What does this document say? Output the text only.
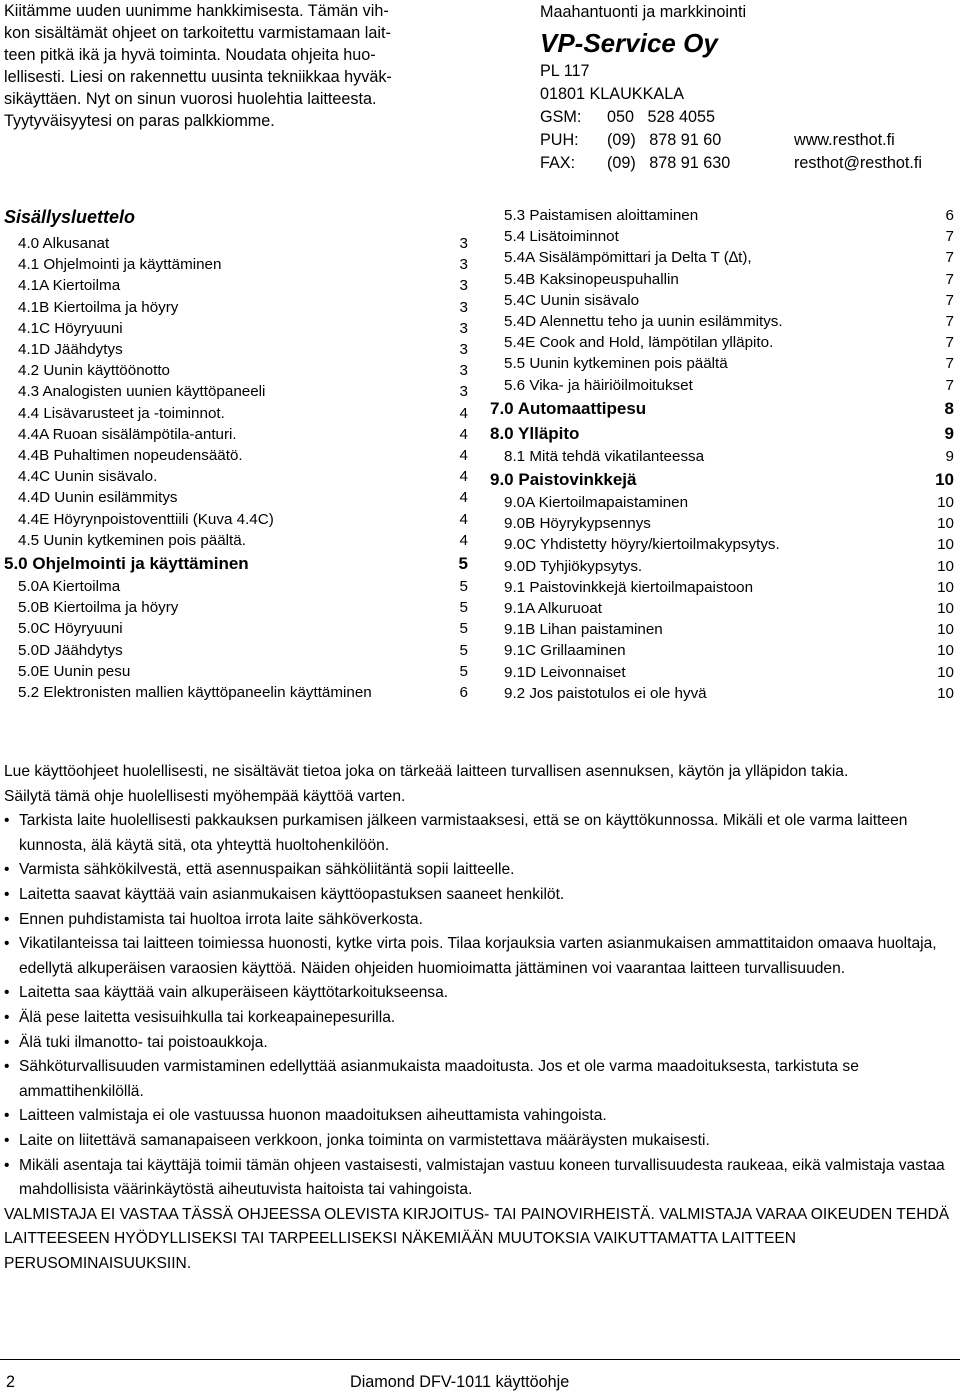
Kiitämme uuden uunimme hankkimisesta. Tämän vih-
kon sisältämät ohjeet on tarkoitettu varmistamaan lait-
teen pitkä ikä ja hyvä toiminta. Noudata ohjeita huo-
lellisesti. Liesi on rakennettu uusinta tekniikkaa hyväk-
sikäyttäen. Nyt on sinun vuorosi huolehtia laitteesta.
Tyytyväisyytesi on paras palkkiomme.
Maahantuonti ja markkinointi
VP-Service Oy
PL 117
01801 KLAUKKALA
GSM: 050   528 4055
PUH: (09)   878 91 60	www.resthot.fi
FAX: (09)   878 91 630	resthot@resthot.fi
Sisällysluettelo
4.0 Alkusanat	3
4.1 Ohjelmointi ja käyttäminen	3
4.1A Kiertoilma	3
4.1B Kiertoilma ja höyry	3
4.1C Höyryuuni	3
4.1D Jäähdytys	3
4.2 Uunin käyttöönotto	3
4.3 Analogisten uunien käyttöpaneeli	3
4.4 Lisävarusteet ja -toiminnot.	4
4.4A Ruoan sisälämpötila-anturi.	4
4.4B Puhaltimen nopeudensäätö.	4
4.4C Uunin sisävalo.	4
4.4D Uunin esilämmitys	4
4.4E Höyrynpoistoventtiili (Kuva 4.4C)	4
4.5 Uunin kytkeminen pois päältä.	4
5.0 Ohjelmointi ja käyttäminen	5
5.0A Kiertoilma	5
5.0B Kiertoilma ja höyry	5
5.0C Höyryuuni	5
5.0D Jäähdytys	5
5.0E Uunin pesu	5
5.2 Elektronisten mallien käyttöpaneelin käyttäminen	6
5.3 Paistamisen aloittaminen	6
5.4 Lisätoiminnot	7
5.4A Sisälämpömittari ja Delta T (∆t),	7
5.4B Kaksinopeuspuhallin	7
5.4C Uunin sisävalo	7
5.4D Alennettu teho ja uunin esilämmitys.	7
5.4E Cook and Hold, lämpötilan ylläpito.	7
5.5 Uunin kytkeminen pois päältä	7
5.6 Vika- ja häiriöilmoitukset	7
7.0 Automaattipesu	8
8.0 Ylläpito	9
8.1 Mitä tehdä vikatilanteessa	9
9.0 Paistovinkkejä	10
9.0A Kiertoilmapaistaminen	10
9.0B Höyrykypsennys	10
9.0C Yhdistetty höyry/kiertoilmakypsytys.	10
9.0D Tyhjiökypsytys.	10
9.1 Paistovinkkejä kiertoilmapaistoon	10
9.1A Alkuruoat	10
9.1B Lihan paistaminen	10
9.1C Grillaaminen	10
9.1D Leivonnaiset	10
9.2 Jos paistotulos ei ole hyvä	10

Lue käyttöohjeet huolellisesti, ne sisältävät tietoa joka on tärkeää laitteen turvallisen asennuksen, käytön ja ylläpidon takia.

Säilytä tämä ohje huolellisesti myöhempää käyttöä varten.

• Tarkista laite huolellisesti pakkauksen purkamisen jälkeen varmistaaksesi, että se on käyttökunnossa. Mikäli et ole varma laitteen kunnosta, älä käytä sitä, ota yhteyttä huoltohenkilöön.
• Varmista sähkökilvestä, että asennuspaikan sähköliitäntä sopii laitteelle.
• Laitetta saavat käyttää vain asianmukaisen käyttöopastuksen saaneet henkilöt.
• Ennen puhdistamista tai huoltoa irrota laite sähköverkosta.
• Vikatilanteissa tai laitteen toimiessa huonosti, kytke virta pois. Tilaa korjauksia varten asianmukaisen ammattitaidon omaava huoltaja, edellytä alkuperäisen varaosien käyttöä. Näiden ohjeiden huomioimatta jättäminen voi vaarantaa laitteen turvallisuuden.
• Laitetta saa käyttää vain alkuperäiseen käyttötarkoitukseensa.
• Älä pese laitetta vesisuihkulla tai korkeapainepesurilla.
• Älä tuki ilmanotto- tai poistoaukkoja.
• Sähköturvallisuuden varmistaminen edellyttää asianmukaista maadoitusta. Jos et ole varma maadoituksesta, tarkistuta se ammattihenkilöllä.
• Laitteen valmistaja ei ole vastuussa huonon maadoituksen aiheuttamista vahingoista.
• Laite on liitettävä samanapaiseen verkkoon, jonka toiminta on varmistettava määräysten mukaisesti.
• Mikäli asentaja tai käyttäjä toimii tämän ohjeen vastaisesti, valmistajan vastuu koneen turvallisuudesta raukeaa, eikä valmistaja vastaa mahdollisista väärinkäytöstä aiheutuvista haitoista tai vahingoista.

VALMISTAJA EI VASTAA TÄSSÄ OHJEESSA OLEVISTA KIRJOITUS- TAI PAINOVIRHEISTÄ. VALMISTAJA VARAA OIKEUDEN TEHDÄ LAITTEESEEN HYÖDYLLISEKSI TAI TARPEELLISEKSI NÄKEMIÄÄN MUUTOKSIA VAIKUTTAMATTA LAITTEEN PERUSOMINAISUUKSIIN.

2	Diamond DFV-1011 käyttöohje
